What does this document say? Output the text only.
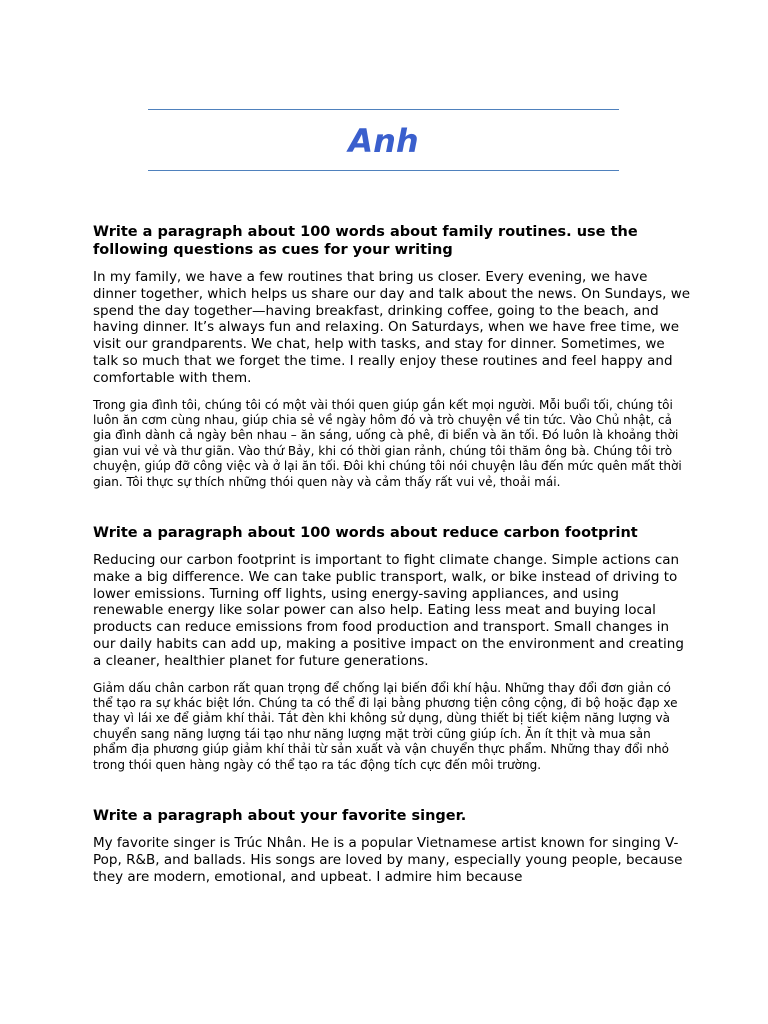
Anh

Write a paragraph about 100 words about family routines. use the following questions as cues for your writing

In my family, we have a few routines that bring us closer. Every evening, we have dinner together, which helps us share our day and talk about the news. On Sundays, we spend the day together—having breakfast, drinking coffee, going to the beach, and having dinner. It’s always fun and relaxing. On Saturdays, when we have free time, we visit our grandparents. We chat, help with tasks, and stay for dinner. Sometimes, we talk so much that we forget the time. I really enjoy these routines and feel happy and comfortable with them.

Trong gia đình tôi, chúng tôi có một vài thói quen giúp gắn kết mọi người. Mỗi buổi tối, chúng tôi luôn ăn cơm cùng nhau, giúp chia sẻ về ngày hôm đó và trò chuyện về tin tức. Vào Chủ nhật, cả gia đình dành cả ngày bên nhau – ăn sáng, uống cà phê, đi biển và ăn tối. Đó luôn là khoảng thời gian vui vẻ và thư giãn. Vào thứ Bảy, khi có thời gian rảnh, chúng tôi thăm ông bà. Chúng tôi trò chuyện, giúp đỡ công việc và ở lại ăn tối. Đôi khi chúng tôi nói chuyện lâu đến mức quên mất thời gian. Tôi thực sự thích những thói quen này và cảm thấy rất vui vẻ, thoải mái.

Write a paragraph about 100 words about reduce carbon footprint

Reducing our carbon footprint is important to fight climate change. Simple actions can make a big difference. We can take public transport, walk, or bike instead of driving to lower emissions. Turning off lights, using energy-saving appliances, and using renewable energy like solar power can also help. Eating less meat and buying local products can reduce emissions from food production and transport. Small changes in our daily habits can add up, making a positive impact on the environment and creating a cleaner, healthier planet for future generations.

Giảm dấu chân carbon rất quan trọng để chống lại biến đổi khí hậu. Những thay đổi đơn giản có thể tạo ra sự khác biệt lớn. Chúng ta có thể đi lại bằng phương tiện công cộng, đi bộ hoặc đạp xe thay vì lái xe để giảm khí thải. Tắt đèn khi không sử dụng, dùng thiết bị tiết kiệm năng lượng và chuyển sang năng lượng tái tạo như năng lượng mặt trời cũng giúp ích. Ăn ít thịt và mua sản phẩm địa phương giúp giảm khí thải từ sản xuất và vận chuyển thực phẩm. Những thay đổi nhỏ trong thói quen hàng ngày có thể tạo ra tác động tích cực đến môi trường.

Write a paragraph about your favorite singer.

My favorite singer is Trúc Nhân. He is a popular Vietnamese artist known for singing V-Pop, R&B, and ballads. His songs are loved by many, especially young people, because they are modern, emotional, and upbeat. I admire him because
